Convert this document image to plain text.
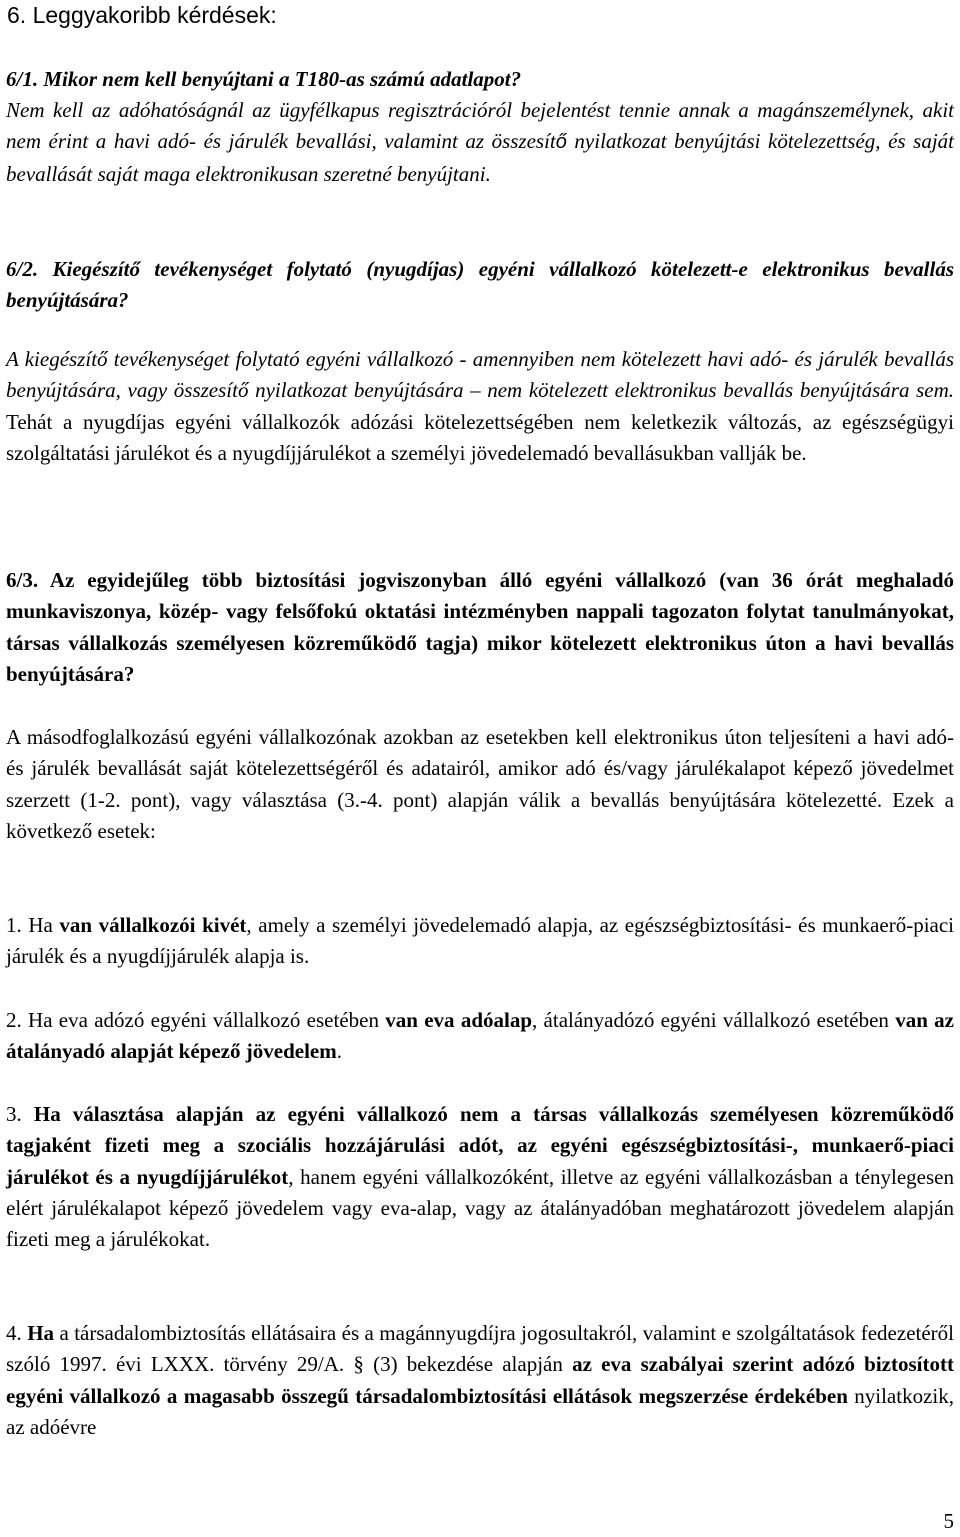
6. Leggyakoribb kérdések:

6/1. Mikor nem kell benyújtani a T180-as számú adatlapot?

Nem kell az adóhatóságnál az ügyfélkapus regisztrációról bejelentést tennie annak a magánszemélynek, akit nem érint a havi adó- és járulék bevallási, valamint az összesítő nyilatkozat benyújtási kötelezettség, és saját bevallását saját maga elektronikusan szeretné benyújtani.

6/2. Kiegészítő tevékenységet folytató (nyugdíjas) egyéni vállalkozó kötelezett-e elektronikus bevallás benyújtására?

A kiegészítő tevékenységet folytató egyéni vállalkozó - amennyiben nem kötelezett havi adó- és járulék bevallás benyújtására, vagy összesítő nyilatkozat benyújtására – nem kötelezett elektronikus bevallás benyújtására sem. Tehát a nyugdíjas egyéni vállalkozók adózási kötelezettségében nem keletkezik változás, az egészségügyi szolgáltatási járulékot és a nyugdíjjárulékot a személyi jövedelemadó bevallásukban vallják be.

6/3. Az egyidejűleg több biztosítási jogviszonyban álló egyéni vállalkozó (van 36 órát meghaladó munkaviszonya, közép- vagy felsőfokú oktatási intézményben nappali tagozaton folytat tanulmányokat, társas vállalkozás személyesen közreműködő tagja) mikor kötelezett elektronikus úton a havi bevallás benyújtására?

A másodfoglalkozású egyéni vállalkozónak azokban az esetekben kell elektronikus úton teljesíteni a havi adó- és járulék bevallását saját kötelezettségéről és adatairól, amikor adó és/vagy járulékalapot képező jövedelmet szerzett (1-2. pont), vagy választása (3.-4. pont) alapján válik a bevallás benyújtására kötelezetté. Ezek a következő esetek:

1. Ha van vállalkozói kivét, amely a személyi jövedelemadó alapja, az egészségbiztosítási- és munkaerő-piaci járulék és a nyugdíjjárulék alapja is.

2. Ha eva adózó egyéni vállalkozó esetében van eva adóalap, átalányadózó egyéni vállalkozó esetében van az átalányadó alapját képező jövedelem.

3. Ha választása alapján az egyéni vállalkozó nem a társas vállalkozás személyesen közreműködő tagjaként fizeti meg a szociális hozzájárulási adót, az egyéni egészségbiztosítási-, munkaerő-piaci járulékot és a nyugdíjjárulékot, hanem egyéni vállalkozóként, illetve az egyéni vállalkozásban a ténylegesen elért járulékalapot képező jövedelem vagy eva-alap, vagy az átalányadóban meghatározott jövedelem alapján fizeti meg a járulékokat.

4. Ha a társadalombiztosítás ellátásaira és a magánnyugdíjra jogosultakról, valamint e szolgáltatások fedezetéről szóló 1997. évi LXXX. törvény 29/A. § (3) bekezdése alapján az eva szabályai szerint adózó biztosított egyéni vállalkozó a magasabb összegű társadalombiztosítási ellátások megszerzése érdekében nyilatkozik, az adóévre

5
